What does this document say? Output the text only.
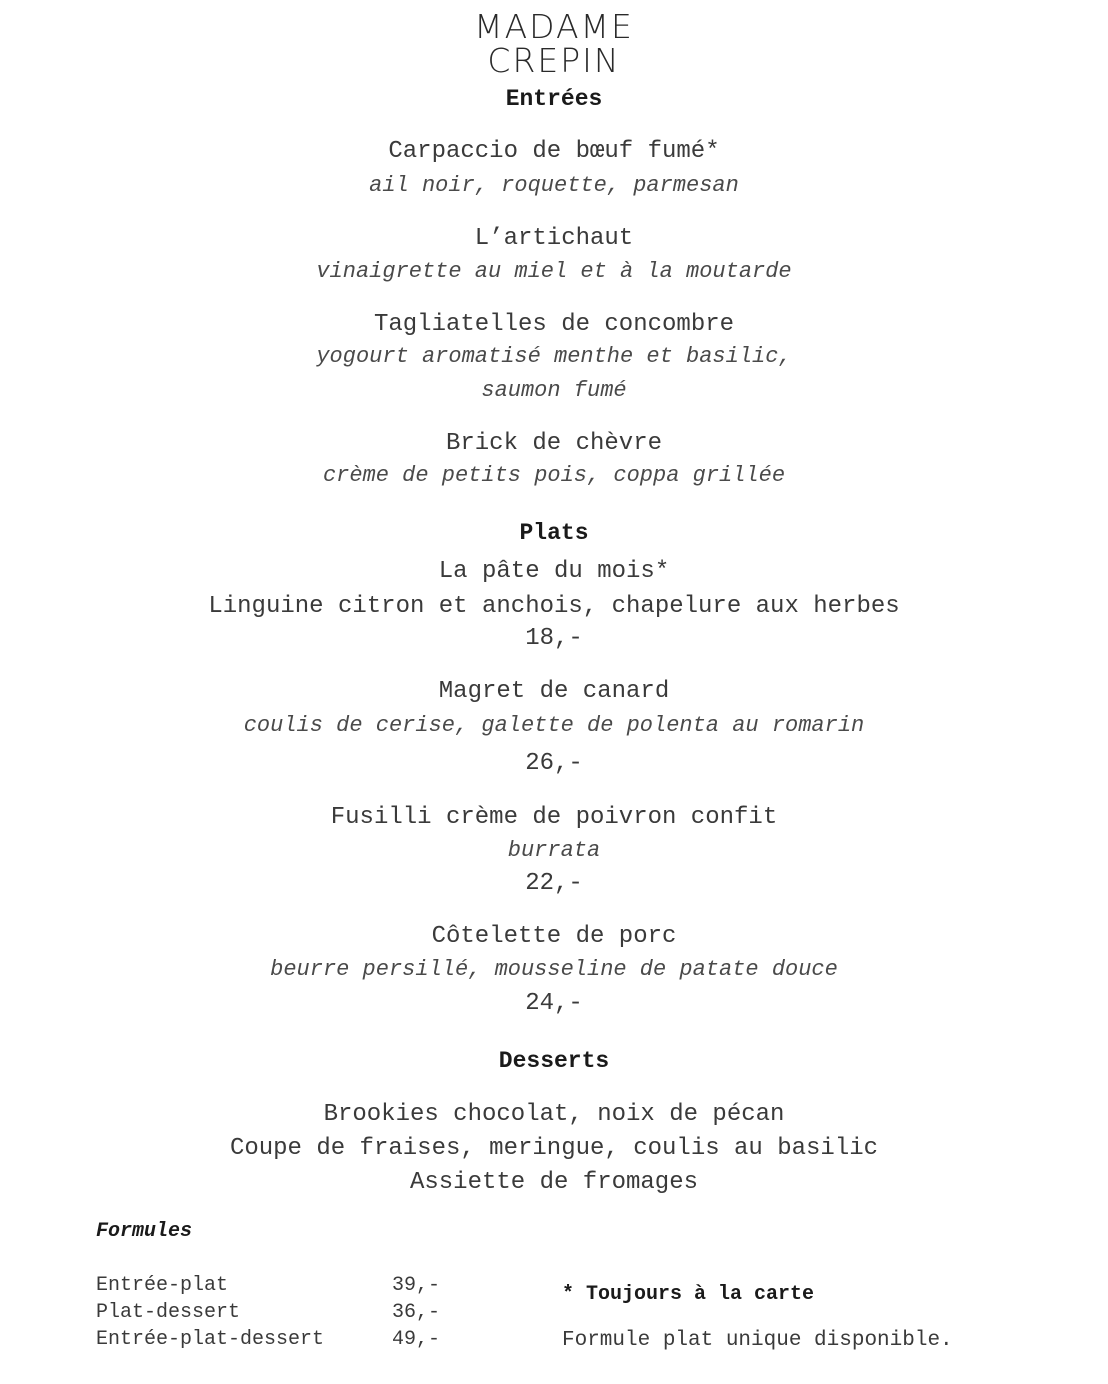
MADAME
CREPIN
Entrées
Carpaccio de bœuf fumé*
ail noir, roquette, parmesan
L’artichaut
vinaigrette au miel et à la moutarde
Tagliatelles de concombre
yogourt aromatisé menthe et basilic,
saumon fumé
Brick de chèvre
crème de petits pois, coppa grillée
Plats
La pâte du mois*
Linguine citron et anchois, chapelure aux herbes
18,-
Magret de canard
coulis de cerise, galette de polenta au romarin
26,-
Fusilli crème de poivron confit
burrata
22,-
Côtelette de porc
beurre persillé, mousseline de patate douce
24,-
Desserts
Brookies chocolat, noix de pécan
Coupe de fraises, meringue, coulis au basilic
Assiette de fromages
Formules
Entrée-plat	39,-
Plat-dessert	36,-
Entrée-plat-dessert	49,-
* Toujours à la carte
Formule plat unique disponible.
